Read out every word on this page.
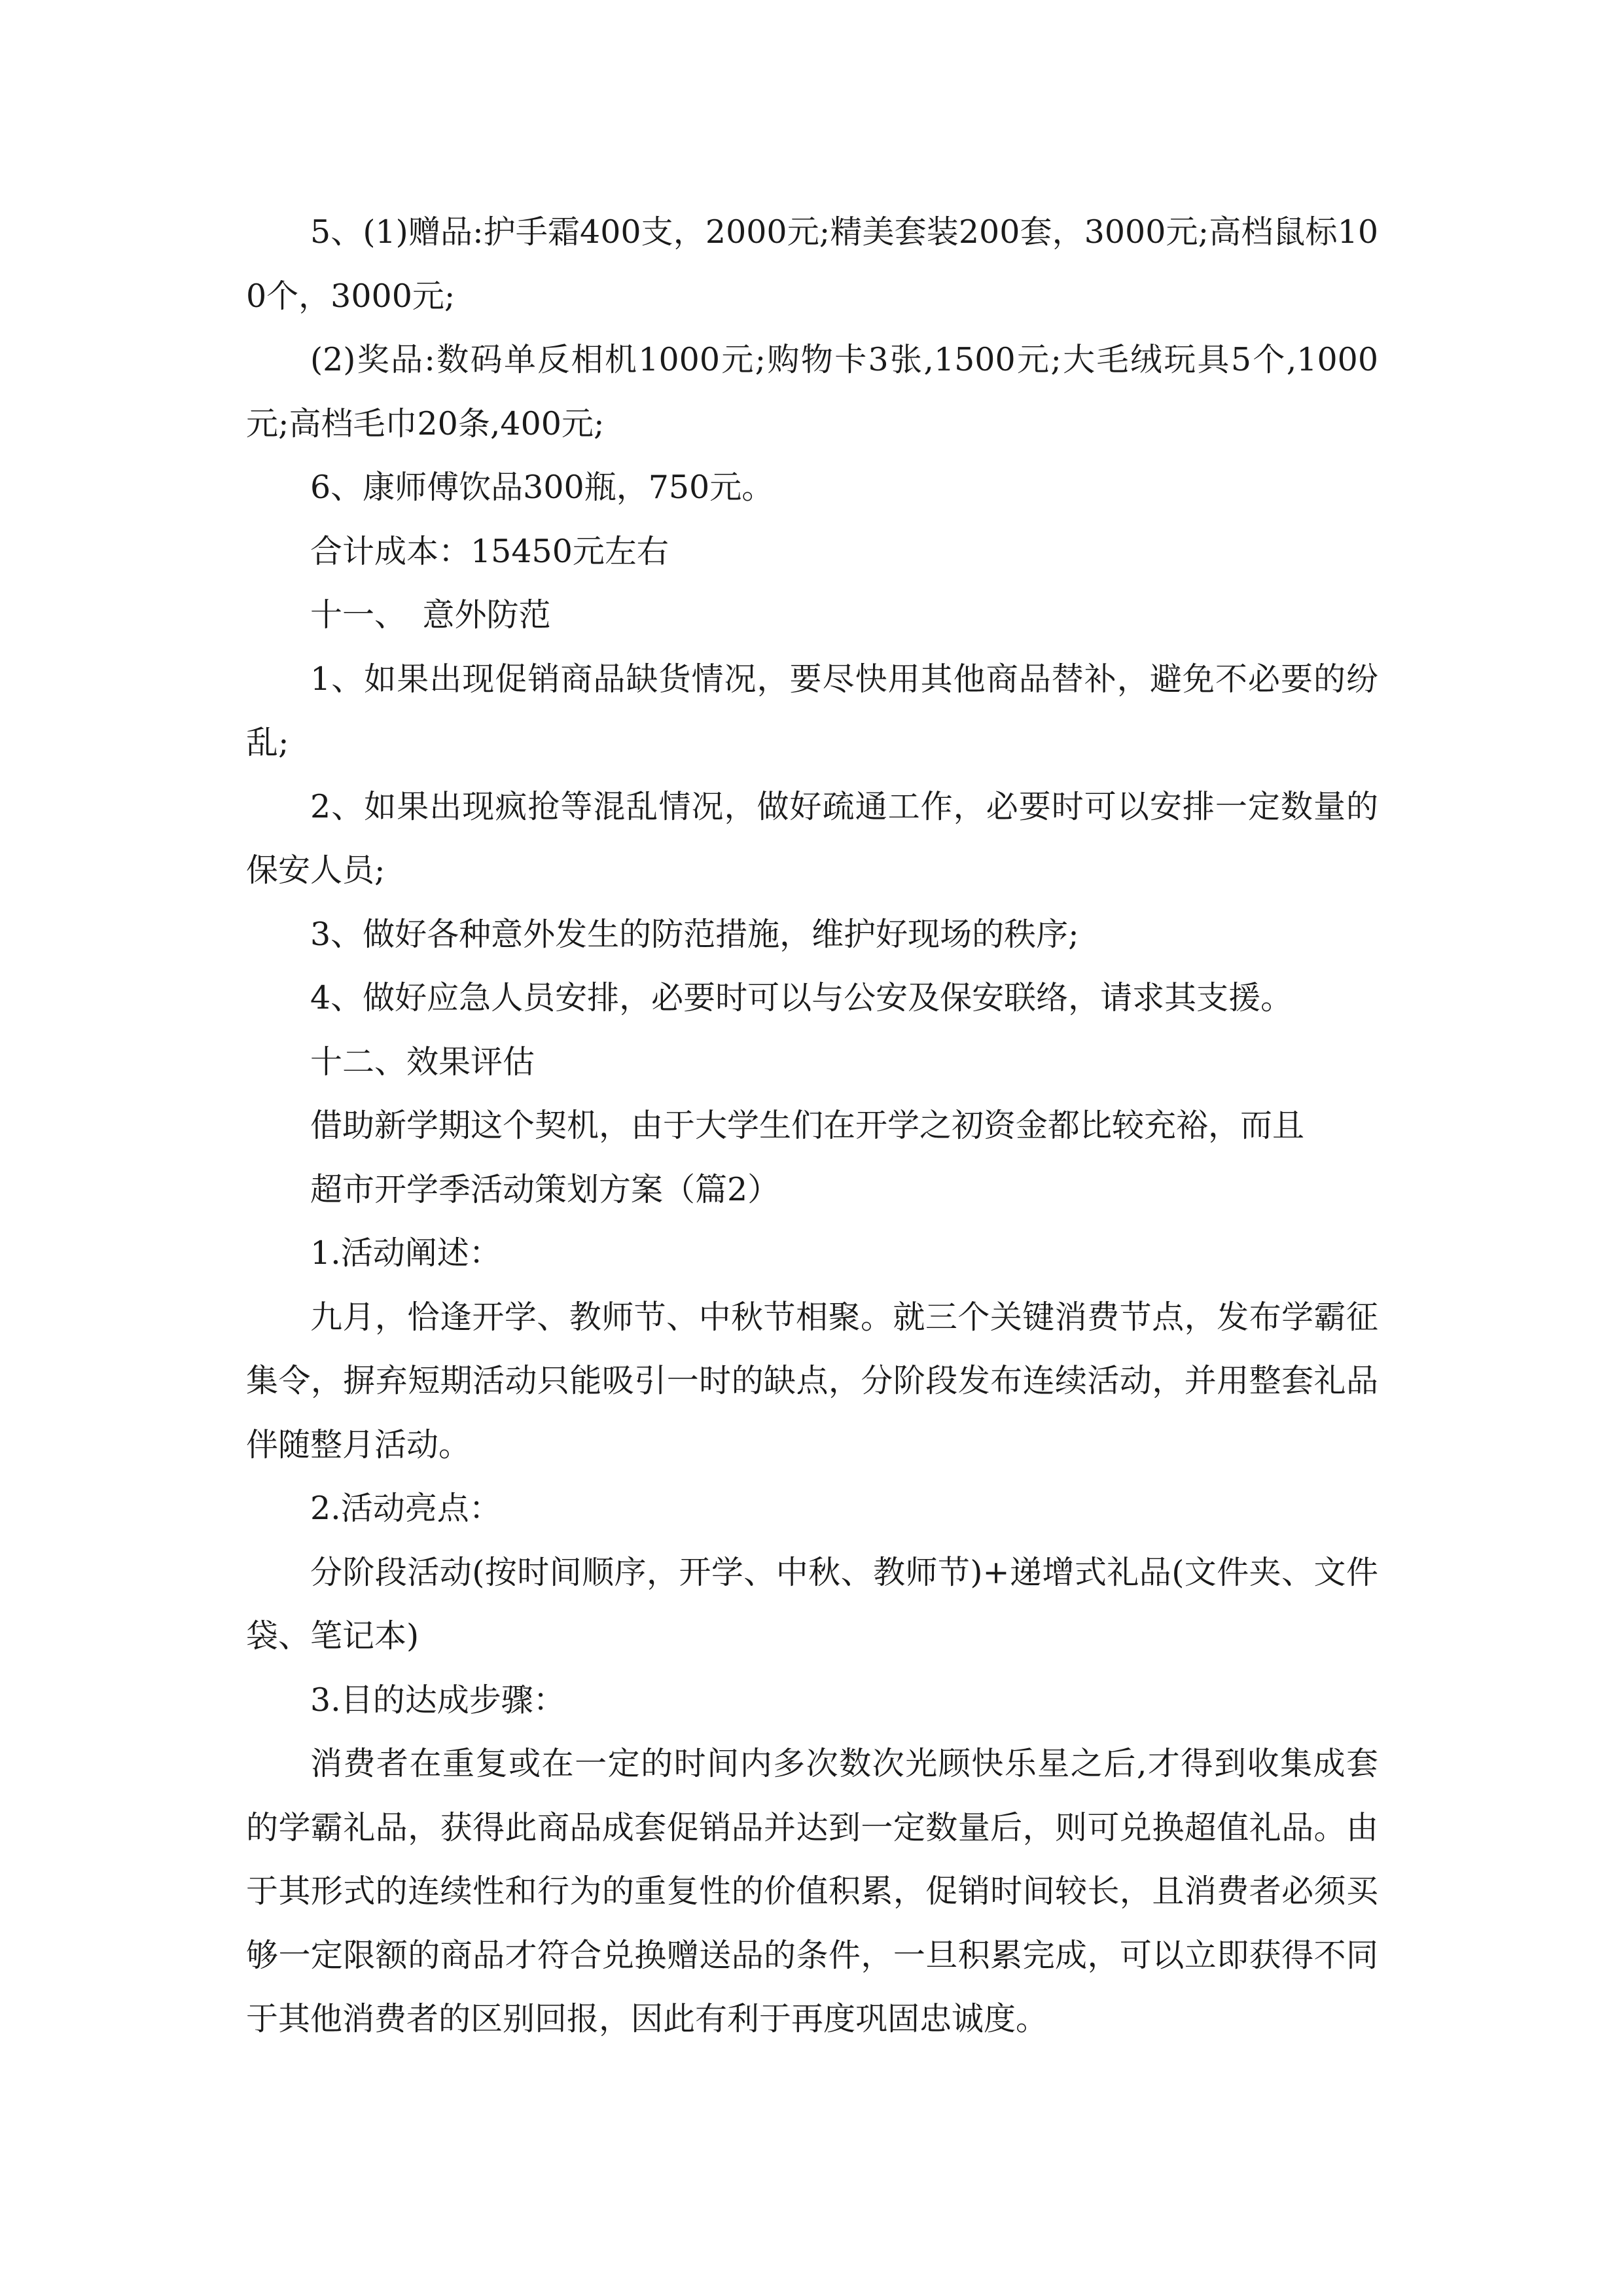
5、(1)赠品:护手霜400支，2000元;精美套装200套，3000元;高档鼠标100个，3000元;

(2)奖品:数码单反相机1000元;购物卡3张,1500元;大毛绒玩具5个,1000元;高档毛巾20条,400元;

6、康师傅饮品300瓶，750元。

合计成本：15450元左右

十一、　意外防范

1、如果出现促销商品缺货情况，要尽快用其他商品替补，避免不必要的纷乱;

2、如果出现疯抢等混乱情况，做好疏通工作，必要时可以安排一定数量的保安人员;

3、做好各种意外发生的防范措施，维护好现场的秩序;

4、做好应急人员安排，必要时可以与公安及保安联络，请求其支援。

十二、效果评估

借助新学期这个契机，由于大学生们在开学之初资金都比较充裕，而且

超市开学季活动策划方案（篇2）

1.活动阐述：

九月，恰逢开学、教师节、中秋节相聚。就三个关键消费节点，发布学霸征集令，摒弃短期活动只能吸引一时的缺点，分阶段发布连续活动，并用整套礼品伴随整月活动。

2.活动亮点：

分阶段活动(按时间顺序，开学、中秋、教师节)+递增式礼品(文件夹、文件袋、笔记本)

3.目的达成步骤：

消费者在重复或在一定的时间内多次数次光顾快乐星之后,才得到收集成套的学霸礼品，获得此商品成套促销品并达到一定数量后，则可兑换超值礼品。由于其形式的连续性和行为的重复性的价值积累，促销时间较长，且消费者必须买够一定限额的商品才符合兑换赠送品的条件，一旦积累完成，可以立即获得不同于其他消费者的区别回报，因此有利于再度巩固忠诚度。
